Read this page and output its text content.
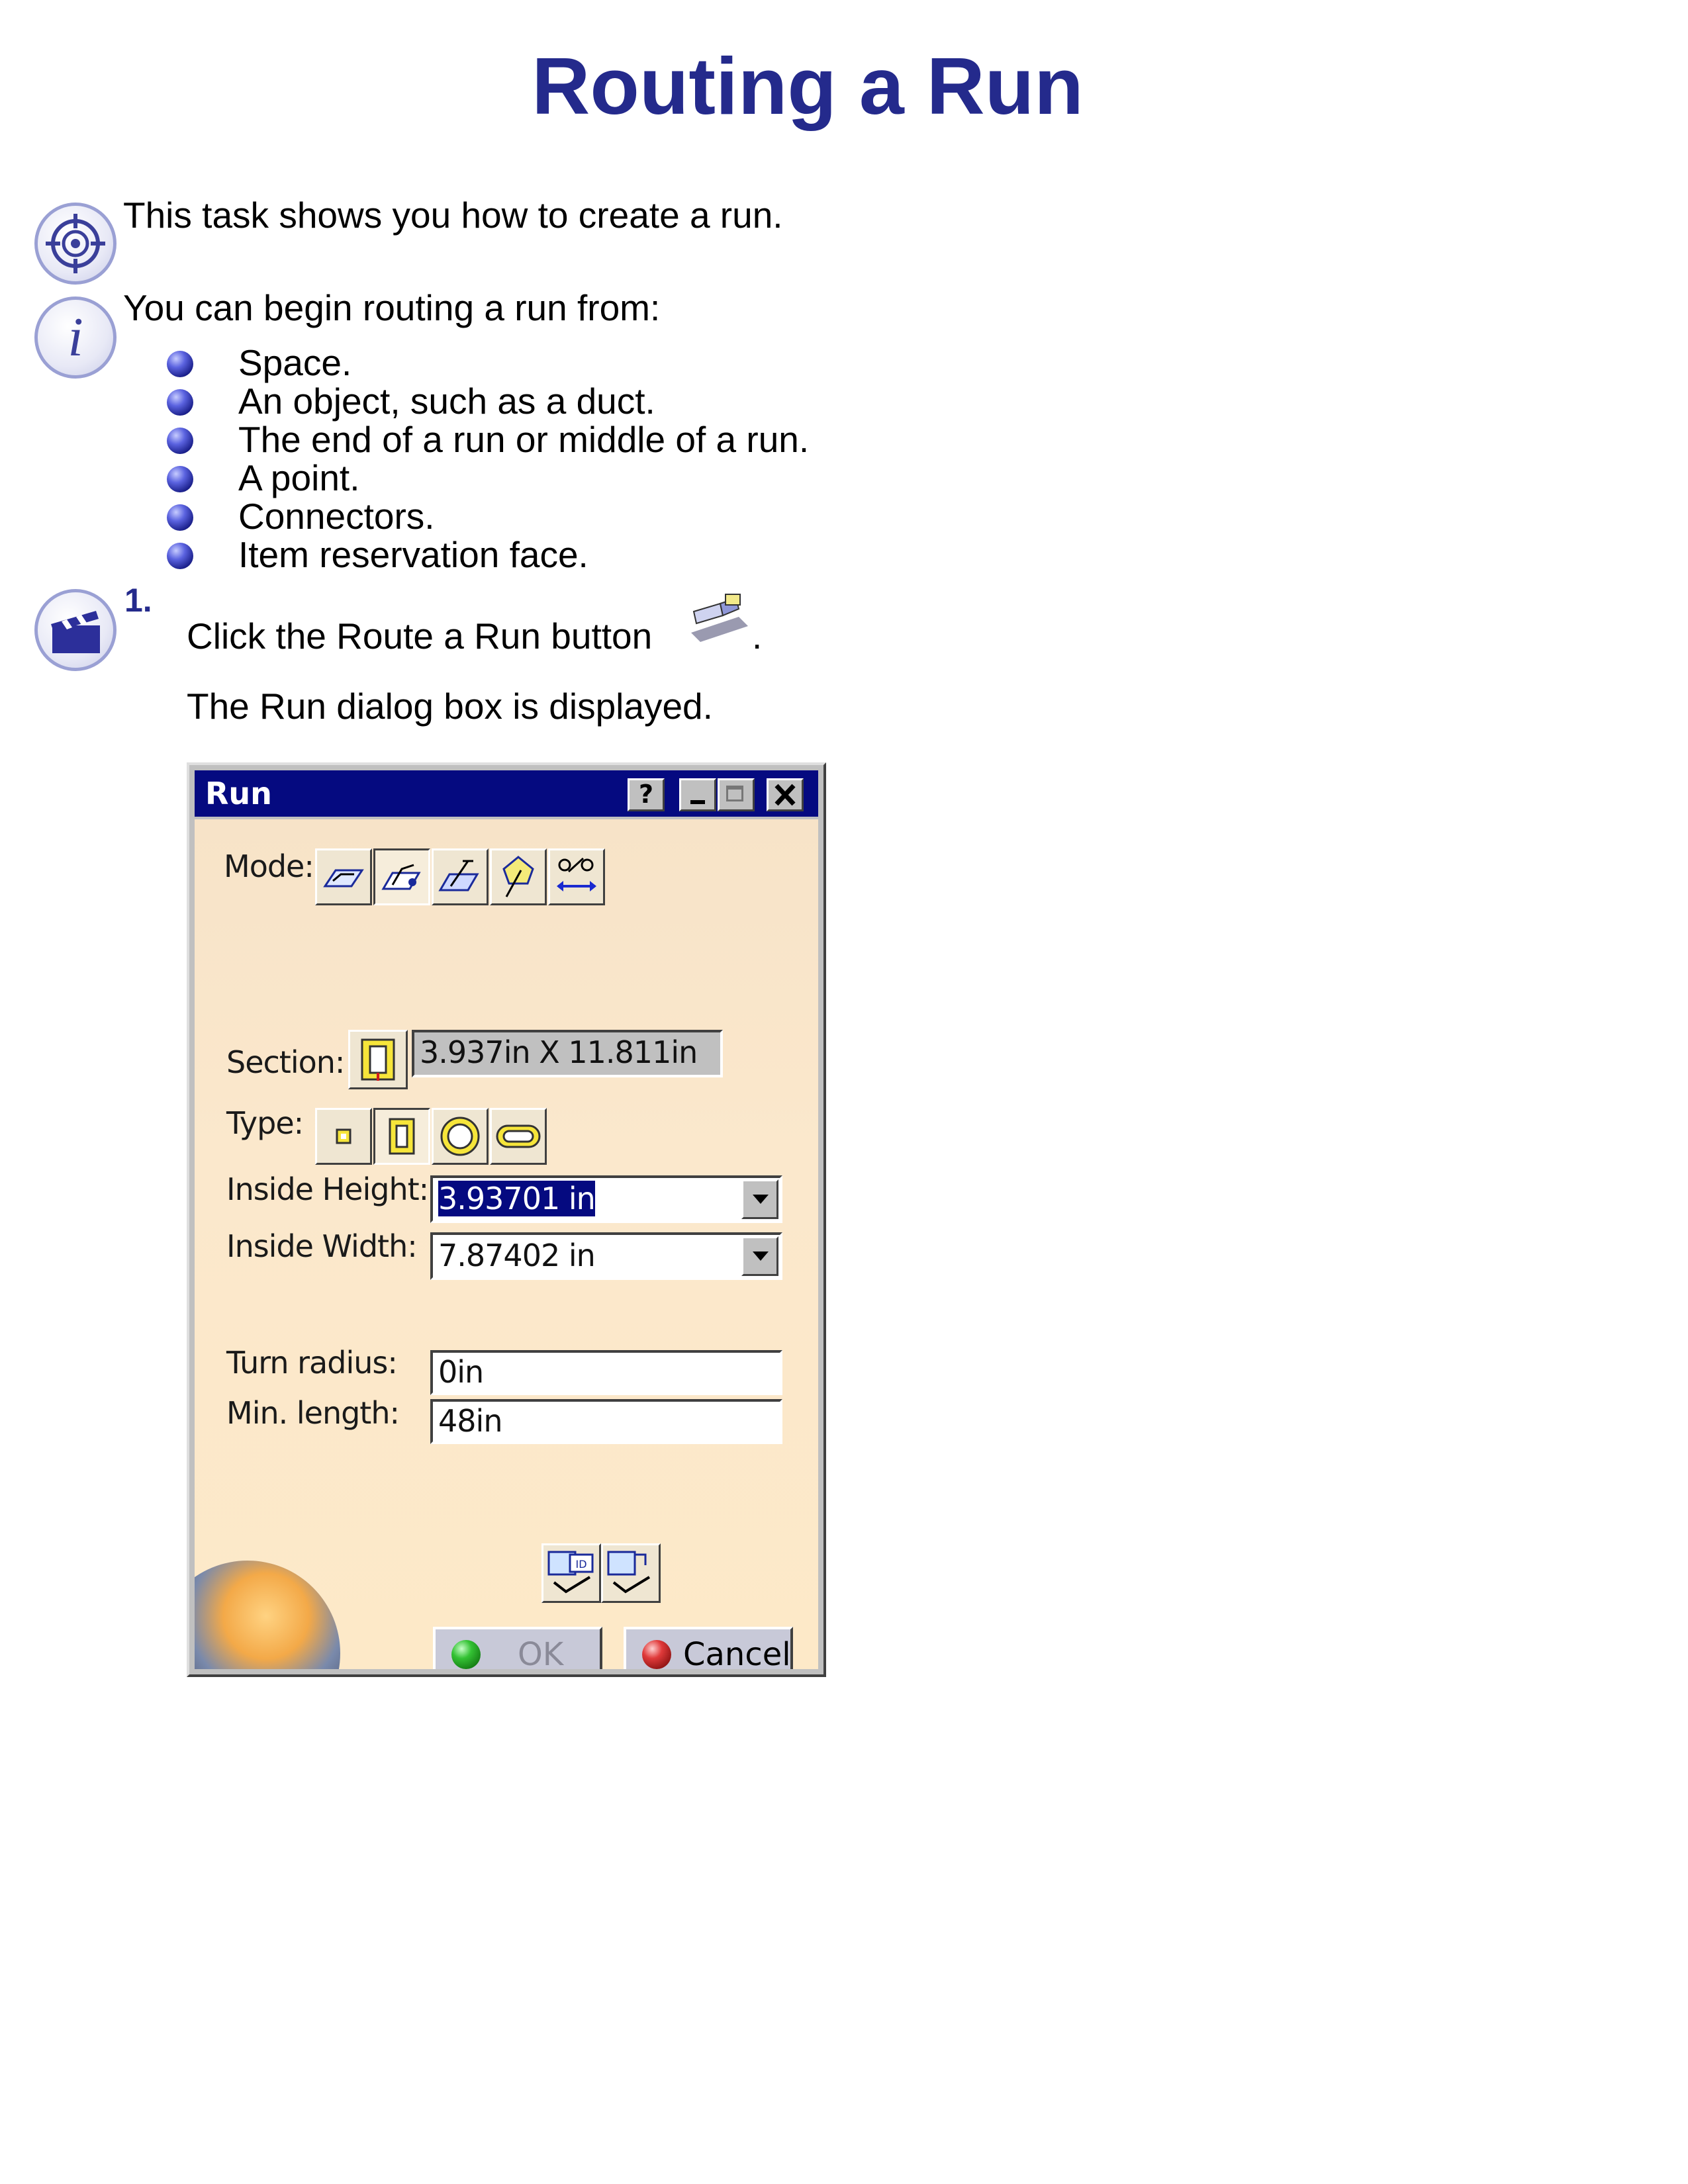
Routing a Run
This task shows you how to create a run.
i You can begin routing a run from:
Space.
An object, such as a duct.
The end of a run or middle of a run.
A point.
Connectors.
Item reservation face.
1.
Click the Route a Run button	.
The Run dialog box is displayed.
Run	?
Mode:
Section: 3.937in X 11.811in
Type:
Inside Height: 3.93701 in
Inside Width: 7.87402 in
Turn radius: 0in
Min. length: 48in
ID
OK	Cancel
